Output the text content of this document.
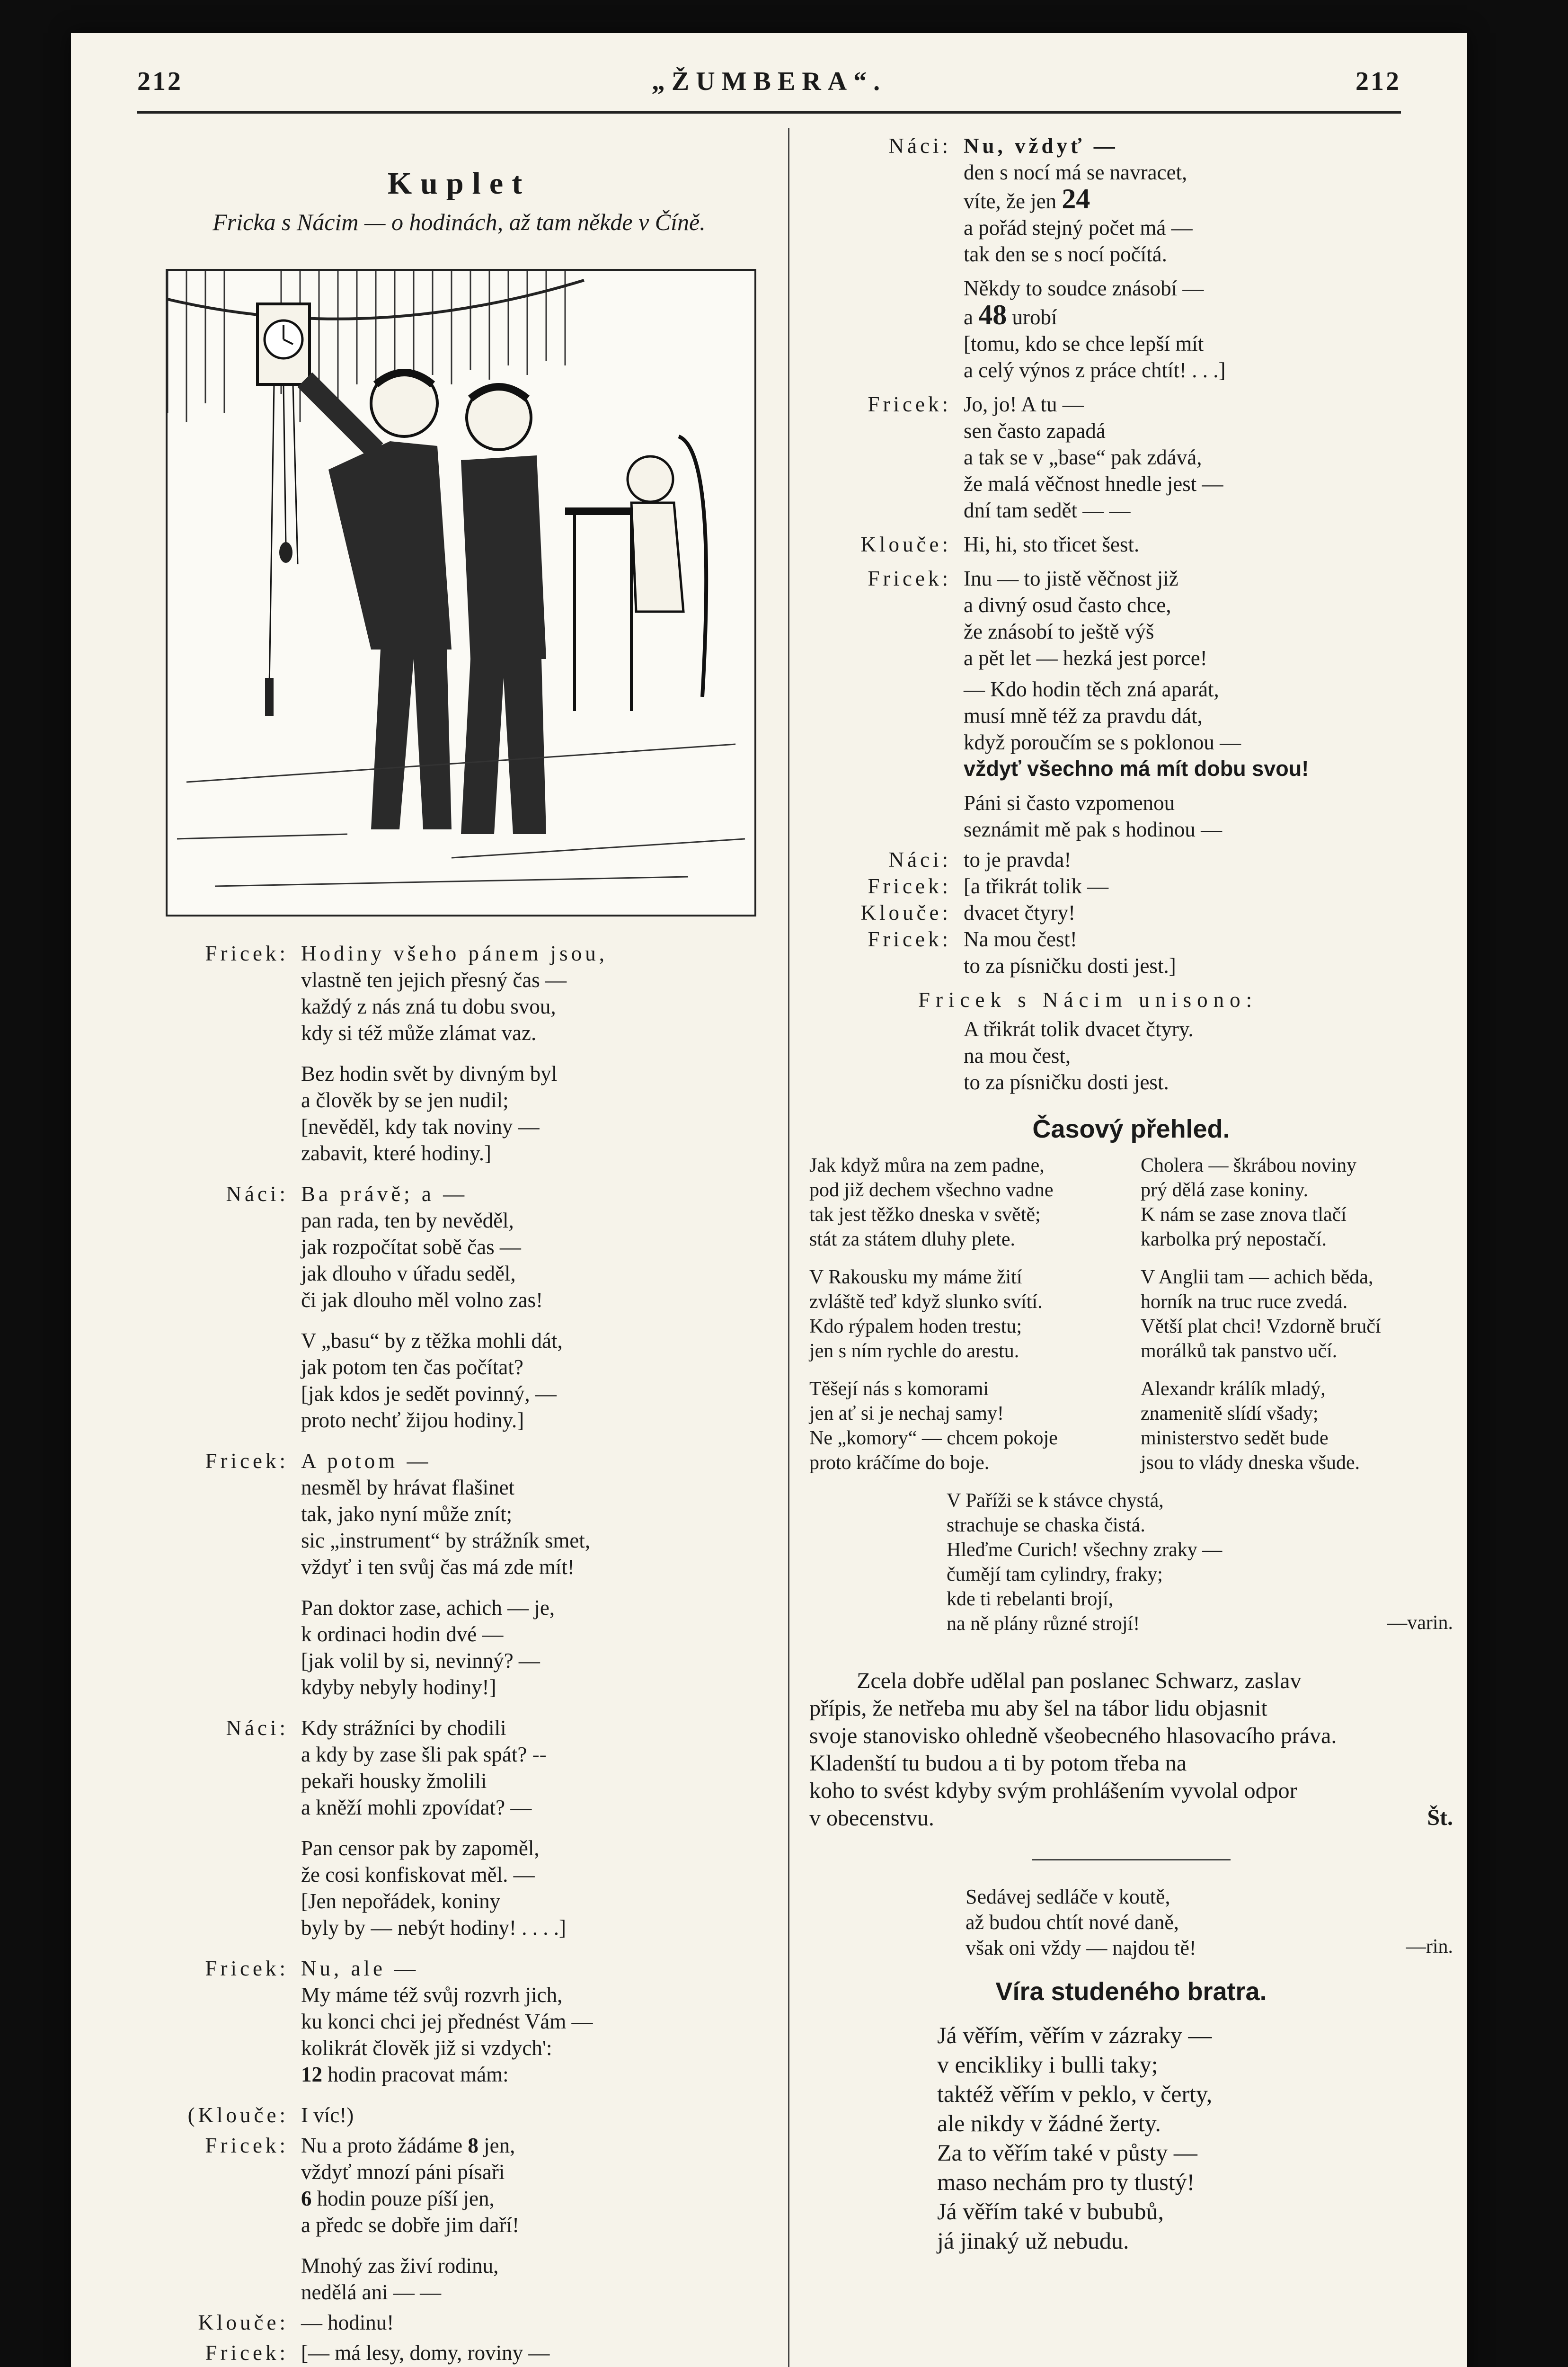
212	„ŽUMBERA“.	212
Kuplet
Fricka s Nácim — o hodinách, až tam někde v Číně.
Fricek: Hodiny všeho pánem jsou,
vlastně ten jejich přesný čas —
každý z nás zná tu dobu svou,
kdy si též může zlámat vaz.
Bez hodin svět by divným byl
a člověk by se jen nudil;
[nevěděl, kdy tak noviny —
zabavit, které hodiny.]
Náci: Ba právě; a —
pan rada, ten by nevěděl,
jak rozpočítat sobě čas —
jak dlouho v úřadu seděl,
či jak dlouho měl volno zas!
V „basu“ by z těžka mohli dát,
jak potom ten čas počítat?
[jak kdos je sedět povinný, —
proto nechť žijou hodiny.]
Fricek: A potom —
nesměl by hrávat flašinet
tak, jako nyní může znít;
sic „instrument“ by strážník smet,
vždyť i ten svůj čas má zde mít!
Pan doktor zase, achich — je,
k ordinaci hodin dvé —
[jak volil by si, nevinný? —
kdyby nebyly hodiny!]
Náci: Kdy strážníci by chodili
a kdy by zase šli pak spát? --
pekaři housky žmolili
a kněží mohli zpovídat? —
Pan censor pak by zapoměl,
že cosi konfiskovat měl. —
[Jen nepořádek, koniny
byly by — nebýt hodiny! . . . .]
Fricek: Nu, ale —
My máme též svůj rozvrh jich,
ku konci chci jej přednést Vám —
kolikrát člověk již si vzdych':
12 hodin pracovat mám:
(Klouče: I víc!)
Fricek: Nu a proto žádáme 8 jen,
vždyť mnozí páni písaři
6 hodin pouze píší jen,
a předc se dobře jim daří!
Mnohý zas živí rodinu,
nedělá ani — —
Klouče: — hodinu!
Fricek: [— má lesy, domy, roviny —
Náci: Nu, vždyť —
den s nocí má se navracet,
víte, že jen 24
a pořád stejný počet má —
tak den se s nocí počítá.
Někdy to soudce znásobí —
a 48 urobí
[tomu, kdo se chce lepší mít
a celý výnos z práce chtít! . . .]
Fricek: Jo, jo! A tu —
sen často zapadá
a tak se v „base“ pak zdává,
že malá věčnost hnedle jest —
dní tam sedět — —
Klouče: Hi, hi, sto třicet šest.
Fricek: Inu — to jistě věčnost již
a divný osud často chce,
že znásobí to ještě výš
a pět let — hezká jest porce!
— Kdo hodin těch zná aparát,
musí mně též za pravdu dát,
když poroučím se s poklonou —
vždyť všechno má mít dobu svou!
Páni si často vzpomenou
seznámit mě pak s hodinou —
Náci: to je pravda!
Fricek: [a třikrát tolik —
Klouče: dvacet čtyry!
Fricek: Na mou čest!
to za písničku dosti jest.]
Fricek s Nácim unisono:
A třikrát tolik dvacet čtyry.
na mou čest,
to za písničku dosti jest.
Časový přehled.
Jak když můra na zem padne,
pod již dechem všechno vadne
tak jest těžko dneska v světě;
stát za státem dluhy plete.
V Rakousku my máme žití
zvláště teď když slunko svítí.
Kdo rýpalem hoden trestu;
jen s ním rychle do arestu.
Těšejí nás s komorami
jen ať si je nechaj samy!
Ne „komory“ — chcem pokoje
proto kráčíme do boje.
Cholera — škrábou noviny
prý dělá zase koniny.
K nám se zase znova tlačí
karbolka prý nepostačí.
V Anglii tam — achich běda,
horník na truc ruce zvedá.
Větší plat chci! Vzdorně bručí
morálků tak panstvo učí.
Alexandr králík mladý,
znamenitě slídí všady;
ministerstvo sedět bude
jsou to vlády dneska všude.
V Paříži se k stávce chystá,
strachuje se chaska čistá.
Hleďme Curich! všechny zraky —
čumějí tam cylindry, fraky;
kde ti rebelanti brojí,
na ně plány různé strojí!	—varin.
Zcela dobře udělal pan poslanec Schwarz, zaslav
přípis, že netřeba mu aby šel na tábor lidu objasnit
svoje stanovisko ohledně všeobecného hlasovacího práva.
Kladenští tu budou a ti by potom třeba na
koho to svést kdyby svým prohlášením vyvolal odpor
v obecenstvu.	Št.
Sedávej sedláče v koutě,
až budou chtít nové daně,
však oni vždy — najdou tě!	—rin.
Víra studeného bratra.
Já věřím, věřím v zázraky —
v encikliky i bulli taky;
taktéž věřím v peklo, v čerty,
ale nikdy v žádné žerty.
Za to věřím také v půsty —
maso nechám pro ty tlustý!
Já věřím také v bububů,
já jinaký už nebudu.
